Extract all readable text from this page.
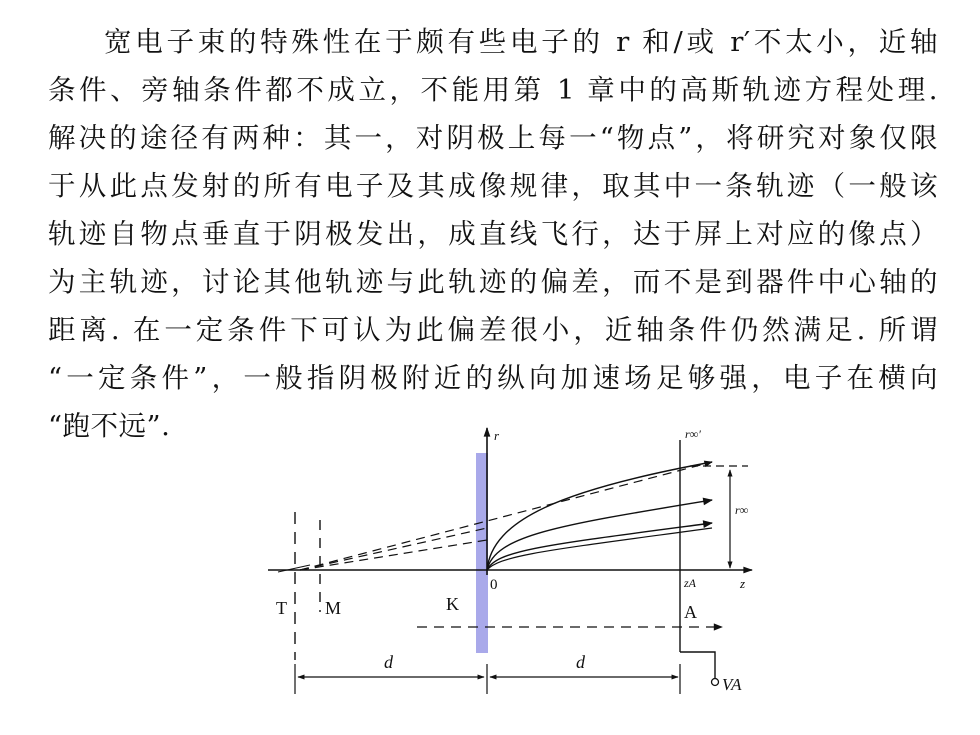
宽电子束的特殊性在于颇有些电子的 r 和/或 r′不太小，近轴
条件、旁轴条件都不成立，不能用第 1 章中的高斯轨迹方程处理.
解决的途径有两种：其一，对阴极上每一“物点”，将研究对象仅限
于从此点发射的所有电子及其成像规律，取其中一条轨迹（一般该
轨迹自物点垂直于阴极发出，成直线飞行，达于屏上对应的像点）
为主轨迹，讨论其他轨迹与此轨迹的偏差，而不是到器件中心轴的
距离. 在一定条件下可认为此偏差很小，近轴条件仍然满足. 所谓
“一定条件”，一般指阴极附近的纵向加速场足够强，电子在横向
“跑不远”.	r	r∞′
r∞
0	z
zA
T M	K	A
d	d
VA
